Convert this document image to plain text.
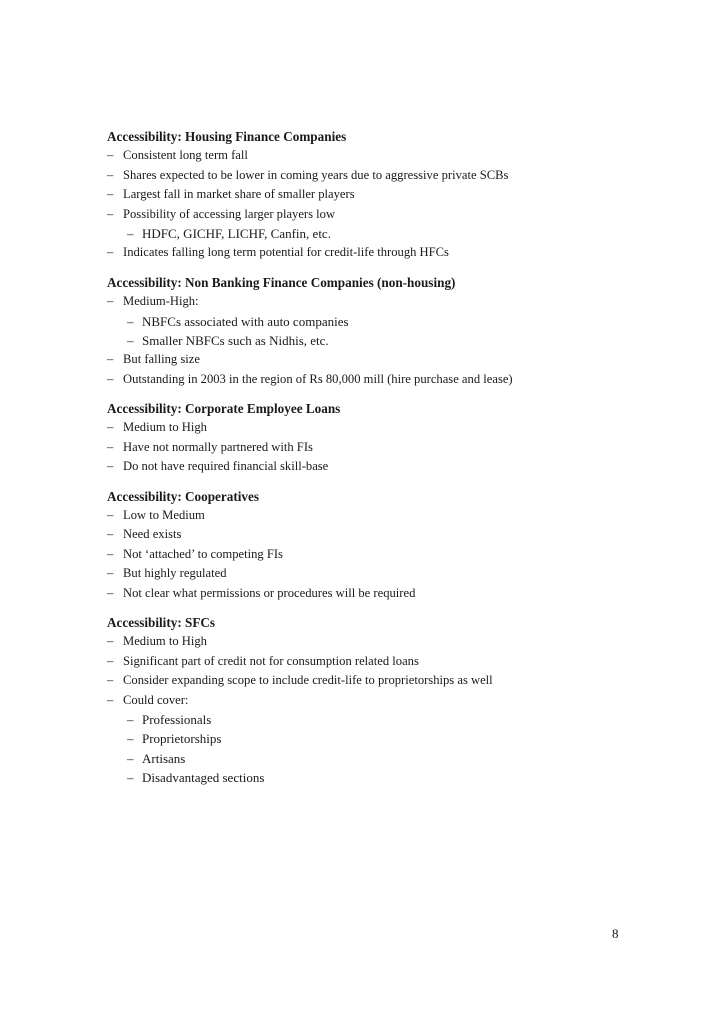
Accessibility: Housing Finance Companies
– Consistent long term fall
– Shares expected to be lower in coming years due to aggressive private SCBs
– Largest fall in market share of smaller players
– Possibility of accessing larger players low
– HDFC, GICHF, LICHF, Canfin, etc.
– Indicates falling long term potential for credit-life through HFCs
Accessibility: Non Banking Finance Companies (non-housing)
– Medium-High:
– NBFCs associated with auto companies
– Smaller NBFCs such as Nidhis, etc.
– But falling size
– Outstanding in 2003 in the region of Rs 80,000 mill (hire purchase and lease)
Accessibility: Corporate Employee Loans
– Medium to High
– Have not normally partnered with FIs
– Do not have required financial skill-base
Accessibility: Cooperatives
– Low to Medium
– Need exists
– Not ‘attached’ to competing FIs
– But highly regulated
– Not clear what permissions or procedures will be required
Accessibility: SFCs
– Medium to High
– Significant part of credit not for consumption related loans
– Consider expanding scope to include credit-life to proprietorships as well
– Could cover:
– Professionals
– Proprietorships
– Artisans
– Disadvantaged sections
8
